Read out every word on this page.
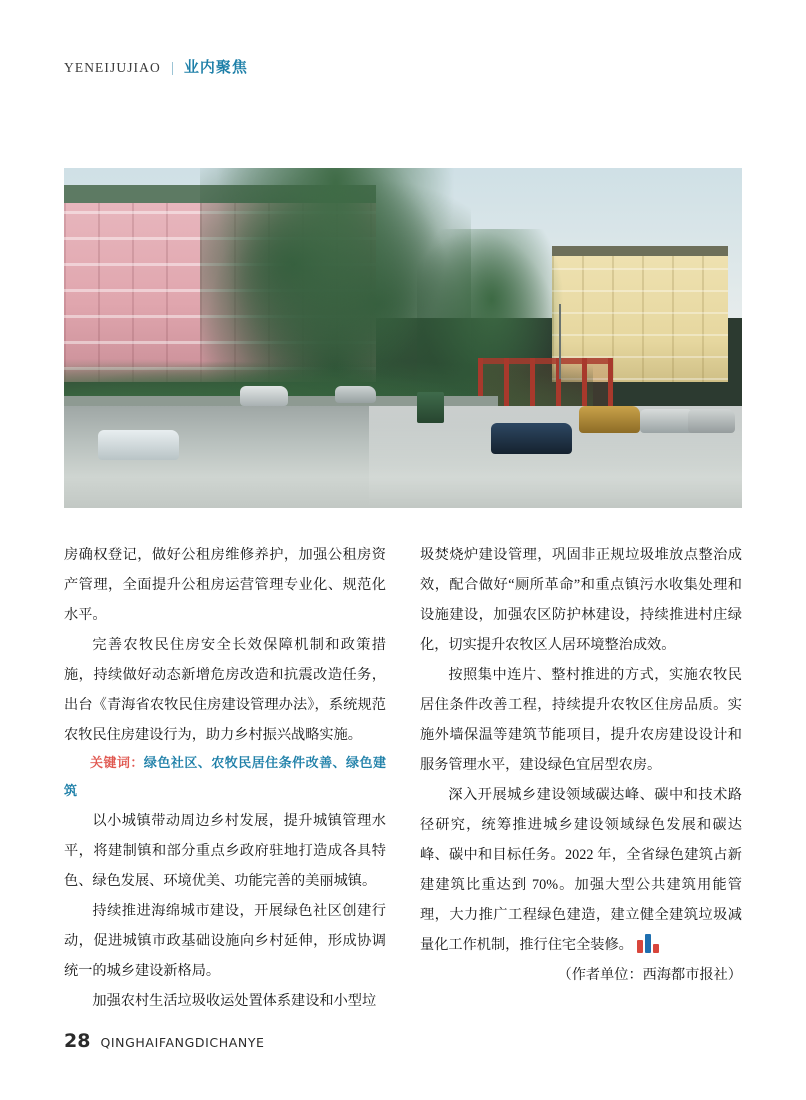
YENEIJUJIAO | 业内聚焦

房确权登记，做好公租房维修养护，加强公租房资产管理，全面提升公租房运营管理专业化、规范化水平。

完善农牧民住房安全长效保障机制和政策措施，持续做好动态新增危房改造和抗震改造任务，出台《青海省农牧民住房建设管理办法》，系统规范农牧民住房建设行为，助力乡村振兴战略实施。

关键词：绿色社区、农牧民居住条件改善、绿色建筑

以小城镇带动周边乡村发展，提升城镇管理水平，将建制镇和部分重点乡政府驻地打造成各具特色、绿色发展、环境优美、功能完善的美丽城镇。

持续推进海绵城市建设，开展绿色社区创建行动，促进城镇市政基础设施向乡村延伸，形成协调统一的城乡建设新格局。

加强农村生活垃圾收运处置体系建设和小型垃

圾焚烧炉建设管理，巩固非正规垃圾堆放点整治成效，配合做好“厕所革命”和重点镇污水收集处理和设施建设，加强农区防护林建设，持续推进村庄绿化，切实提升农牧区人居环境整治成效。

按照集中连片、整村推进的方式，实施农牧民居住条件改善工程，持续提升农牧区住房品质。实施外墙保温等建筑节能项目，提升农房建设设计和服务管理水平，建设绿色宜居型农房。

深入开展城乡建设领域碳达峰、碳中和技术路径研究，统筹推进城乡建设领域绿色发展和碳达峰、碳中和目标任务。2022 年，全省绿色建筑占新建建筑比重达到 70%。加强大型公共建筑用能管理，大力推广工程绿色建造，建立健全建筑垃圾减量化工作机制，推行住宅全装修。

（作者单位：西海都市报社）

28 QINGHAIFANGDICHANYE
